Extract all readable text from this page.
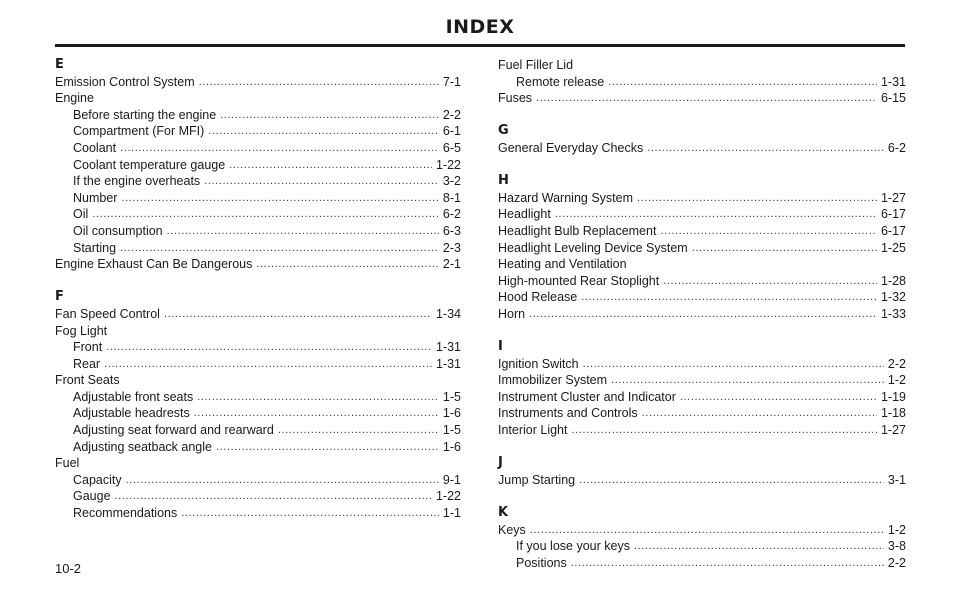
INDEX
E
Emission Control System .....	7-1
Engine
Before starting the engine .....	2-2
Compartment (For MFI) .....	6-1
Coolant .....	6-5
Coolant temperature gauge .....	1-22
If the engine overheats .....	3-2
Number .....	8-1
Oil .....	6-2
Oil consumption .....	6-3
Starting .....	2-3
Engine Exhaust Can Be Dangerous .....	2-1
F
Fan Speed Control .....	1-34
Fog Light
Front .....	1-31
Rear .....	1-31
Front Seats
Adjustable front seats .....	1-5
Adjustable headrests .....	1-6
Adjusting seat forward and rearward .....	1-5
Adjusting seatback angle .....	1-6
Fuel
Capacity .....	9-1
Gauge .....	1-22
Recommendations .....	1-1
Fuel Filler Lid
Remote release .....	1-31
Fuses .....	6-15
G
General Everyday Checks .....	6-2
H
Hazard Warning System .....	1-27
Headlight .....	6-17
Headlight Bulb Replacement .....	6-17
Headlight Leveling Device System .....	1-25
Heating and Ventilation
High-mounted Rear Stoplight .....	1-28
Hood Release .....	1-32
Horn .....	1-33
I
Ignition Switch .....	2-2
Immobilizer System .....	1-2
Instrument Cluster and Indicator .....	1-19
Instruments and Controls .....	1-18
Interior Light .....	1-27
J
Jump Starting .....	3-1
K
Keys .....	1-2
If you lose your keys .....	3-8
Positions .....	2-2
10-2
